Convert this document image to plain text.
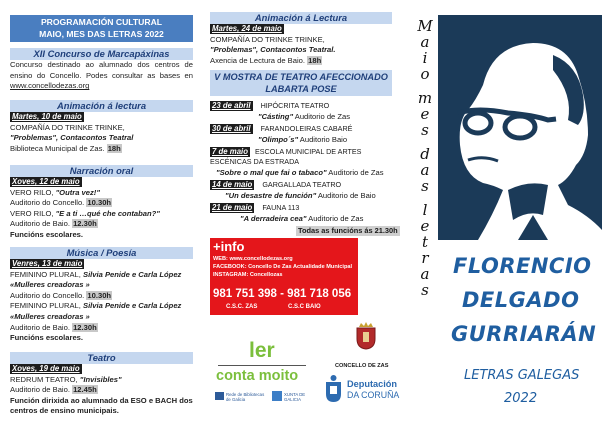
PROGRAMACIÓN CULTURAL
MAIO, MES DAS LETRAS 2022
XII Concurso de Marcapáxinas
Concurso destinado ao alumnado dos centros de ensino do Concello. Podes consultar as bases en www.concellodezas.org
Animación á lectura
Martes, 10 de maio
COMPAÑÍA DO TRINKE TRINKE,
"Problemas", Contacontos Teatral
Biblioteca Municipal de Zas. 18h
Narración oral
Xoves, 12 de maio
VERO RILO, "Outra vez!"
Auditorio do Concello. 10.30h
VERO RILO, "E a ti …qué che contaban?"
Auditorio de Baio. 12.30h
Funcións escolares.
Música / Poesía
Venres, 13 de maio
FEMININO PLURAL, Silvia Penide e Carla López
«Mulleres creadoras »
Auditorio do Concello. 10.30h
FEMININO PLURAL, Silvia Penide e Carla López
«Mulleres creadoras »
Auditorio de Baio. 12.30h
Funcións escolares.
Teatro
Xoves, 19 de maio
REDRUM TEATRO, "Invisibles"
Auditorio de Baio. 12.45h
Función dirixida ao alumnado da ESO e BACH dos centros de ensino municipais.
Animación á Lectura
Martes, 24 de maio
COMPAÑÍA DO TRINKE TRINKE,
"Problemas", Contacontos Teatral.
Axencia de Lectura de Baio. 18h
V MOSTRA DE TEATRO AFECCIONADO
LABARTA POSE
23 de abril HIPÓCRITA TEATRO
"Cásting" Auditorio de Zas
30 de abril FARANDOLEIRAS CABARÉ
"Olimpo´s" Auditorio Baio
7 de maio ESCOLA MUNICIPAL DE ARTES ESCÉNICAS DA ESTRADA
"Sobre o mal que fai o tabaco" Auditorio de Zas
14 de maio GARGALLADA TEATRO
"Un desastre de función" Auditorio de Baio
21 de maio FAUNA 113
"A derradeira cea" Auditorio de Zas
Todas as funcións ás 21.30h
+info
WEB: www.concellodezas.org
FACEBOOK: Concello De Zas Actualidade Municipal
INSTAGRAM: Concellozas
981 751 398 - 981 718 056
C.S.C. ZAS	C.S.C BAIO
ler
conta moito
Rede de Bibliotecas de Galicia
XUNTA DE GALICIA
CONCELLO DE ZAS
Deputación
DA CORUÑA
M
a
i
o
m
e
s
d
a
s
l
e
t
r
a
s
FLORENCIO
DELGADO
GURRIARÁN
LETRAS GALEGAS
2022
